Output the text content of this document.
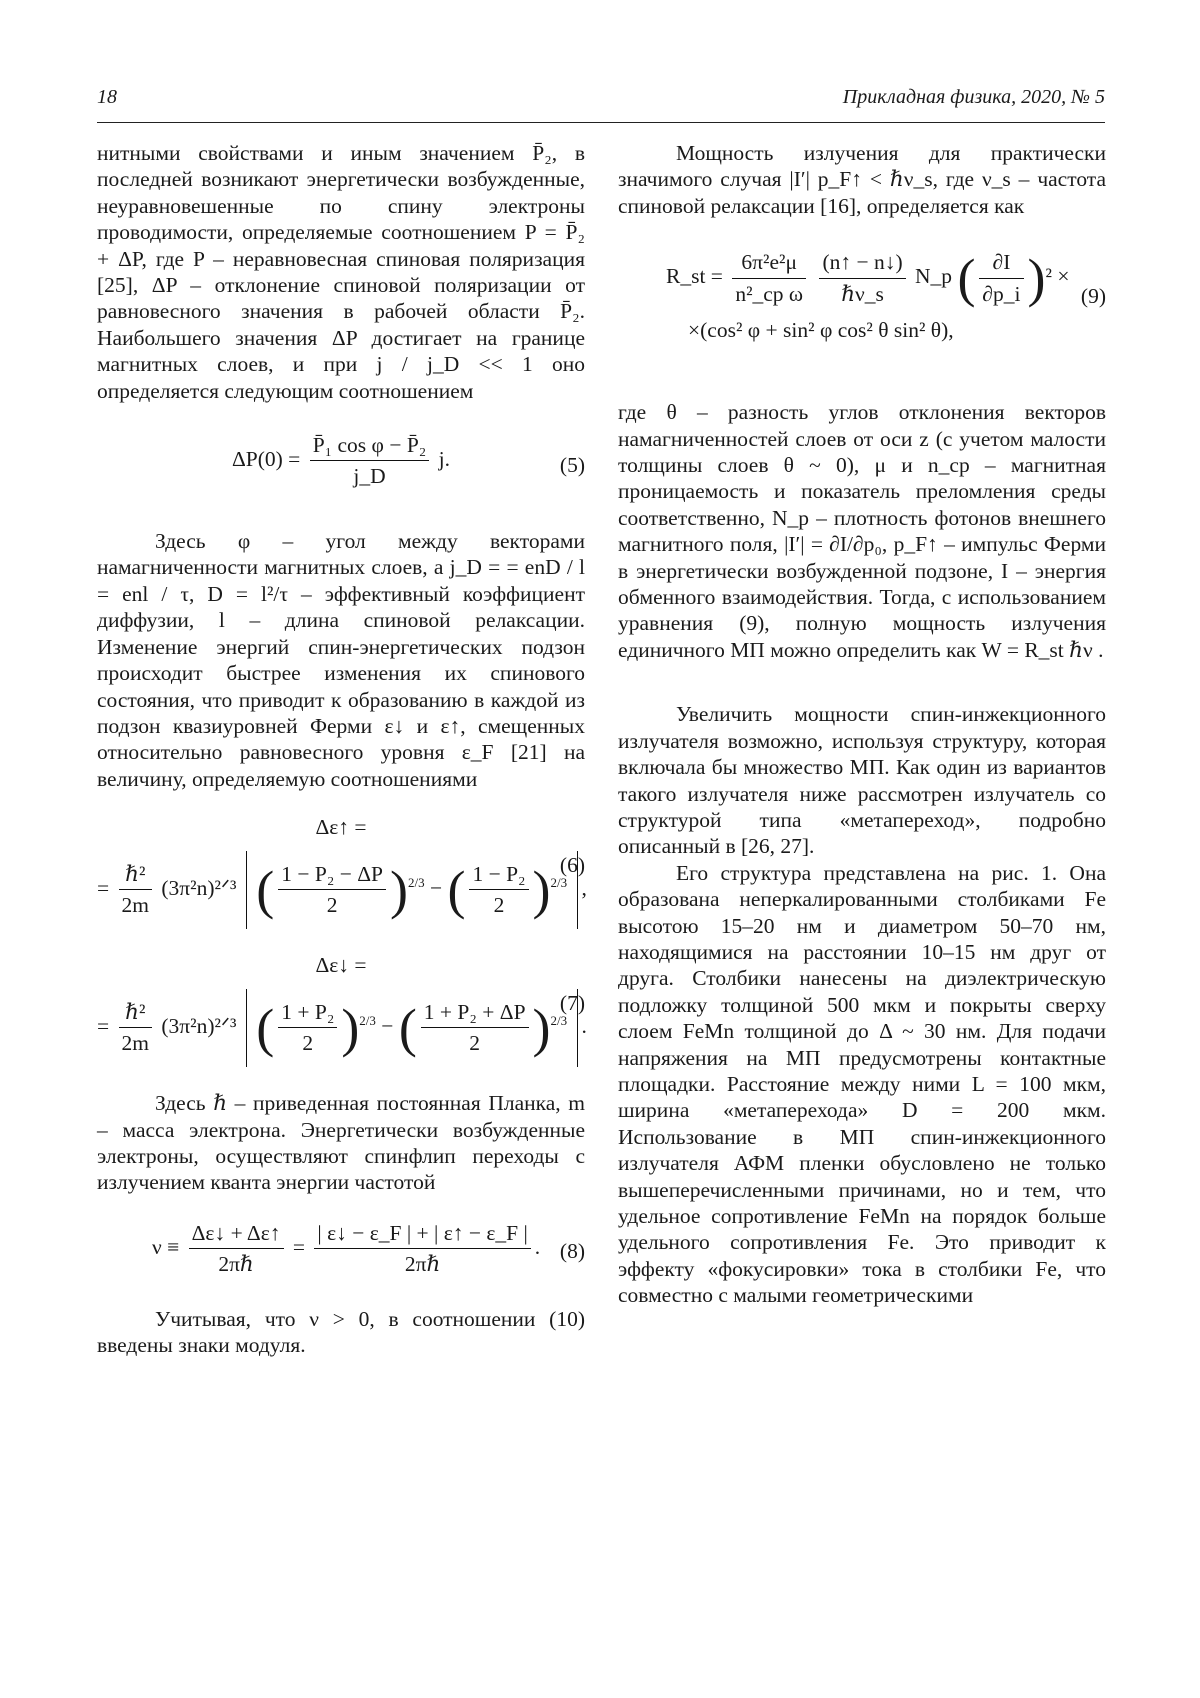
18	Прикладная физика, 2020, № 5

нитными свойствами и иным значением P̄₂, в последней возникают энергетически возбужденные, неуравновешенные по спину электроны проводимости, определяемые соотношением P = P̄₂ + ΔP, где P – неравновесная спиновая поляризация [25], ΔP – отклонение спиновой поляризации от равновесного значения в рабочей области P̄₂. Наибольшего значения ΔP достигает на границе магнитных слоев, и при j / j_D << 1 оно определяется следующим соотношением

ΔP(0) =
P̄₁ cos φ − P̄₂
j_D
j.	(5)

Здесь φ – угол между векторами намагниченности магнитных слоев, а j_D = = enD / l = enl / τ, D = l²/τ – эффективный коэффициент диффузии, l – длина спиновой релаксации. Изменение энергий спин-энергетических подзон происходит быстрее изменения их спинового состояния, что приводит к образованию в каждой из подзон квазиуровней Ферми ε↓ и ε↑, смещенных относительно равновесного уровня ε_F [21] на величину, определяемую соотношениями

Δε↑ =
=
ℏ²
2m
(3π²n)²ᐟ³ ( 1 − P₂ − ΔP
2 )2/3 − ( 1 − P₂
2 )2/3 ,
(6)
Δε↓ =
=
ℏ²
2m
(3π²n)²ᐟ³ ( 1 + P₂
2 )2/3 − ( 1 + P₂ + ΔP
2 )2/3 .
(7)

Здесь ℏ – приведенная постоянная Планка, m – масса электрона. Энергетически возбужденные электроны, осуществляют спинфлип переходы с излучением кванта энергии частотой

ν ≡
Δε↓ + Δε↑
2πℏ
=
| ε↓ − ε_F | + | ε↑ − ε_F |
2πℏ
. (8)

Учитывая, что ν > 0, в соотношении (10) введены знаки модуля.

Мощность излучения для практически значимого случая |I′| p_F↑ < ℏν_s, где ν_s – частота спиновой релаксации [16], определяется как

R_st =
6π²e²μ
n²_cp ω

(n↑ − n↓)
ℏν_s
N_p ( ∂I
∂p_i )² ×
×(cos² φ + sin² φ cos² θ sin² θ),
(9)

где θ – разность углов отклонения векторов намагниченностей слоев от оси z (с учетом малости толщины слоев θ ~ 0), μ и n_cp – магнитная проницаемость и показатель преломления среды соответственно, N_p – плотность фотонов внешнего магнитного поля, |I′| = ∂I/∂p₀, p_F↑ – импульс Ферми в энергетически возбужденной подзоне, I – энергия обменного взаимодействия. Тогда, с использованием уравнения (9), полную мощность излучения единичного МП можно определить как W = R_st ℏν .

Увеличить мощности спин-инжекционного излучателя возможно, используя структуру, которая включала бы множество МП. Как один из вариантов такого излучателя ниже рассмотрен излучатель со структурой типа «метапереход», подробно описанный в [26, 27].

Его структура представлена на рис. 1. Она образована неперкалированными столбиками Fe высотою 15–20 нм и диаметром 50–70 нм, находящимися на расстоянии 10–15 нм друг от друга. Столбики нанесены на диэлектрическую подложку толщиной 500 мкм и покрыты сверху слоем FeMn толщиной до Δ ~ 30 нм. Для подачи напряжения на МП предусмотрены контактные площадки. Расстояние между ними L = 100 мкм, ширина «метаперехода» D = 200 мкм. Использование в МП спин-инжекционного излучателя АФМ пленки обусловлено не только вышеперечисленными причинами, но и тем, что удельное сопротивление FeMn на порядок больше удельного сопротивления Fe. Это приводит к эффекту «фокусировки» тока в столбики Fe, что совместно с малыми геометрическими
